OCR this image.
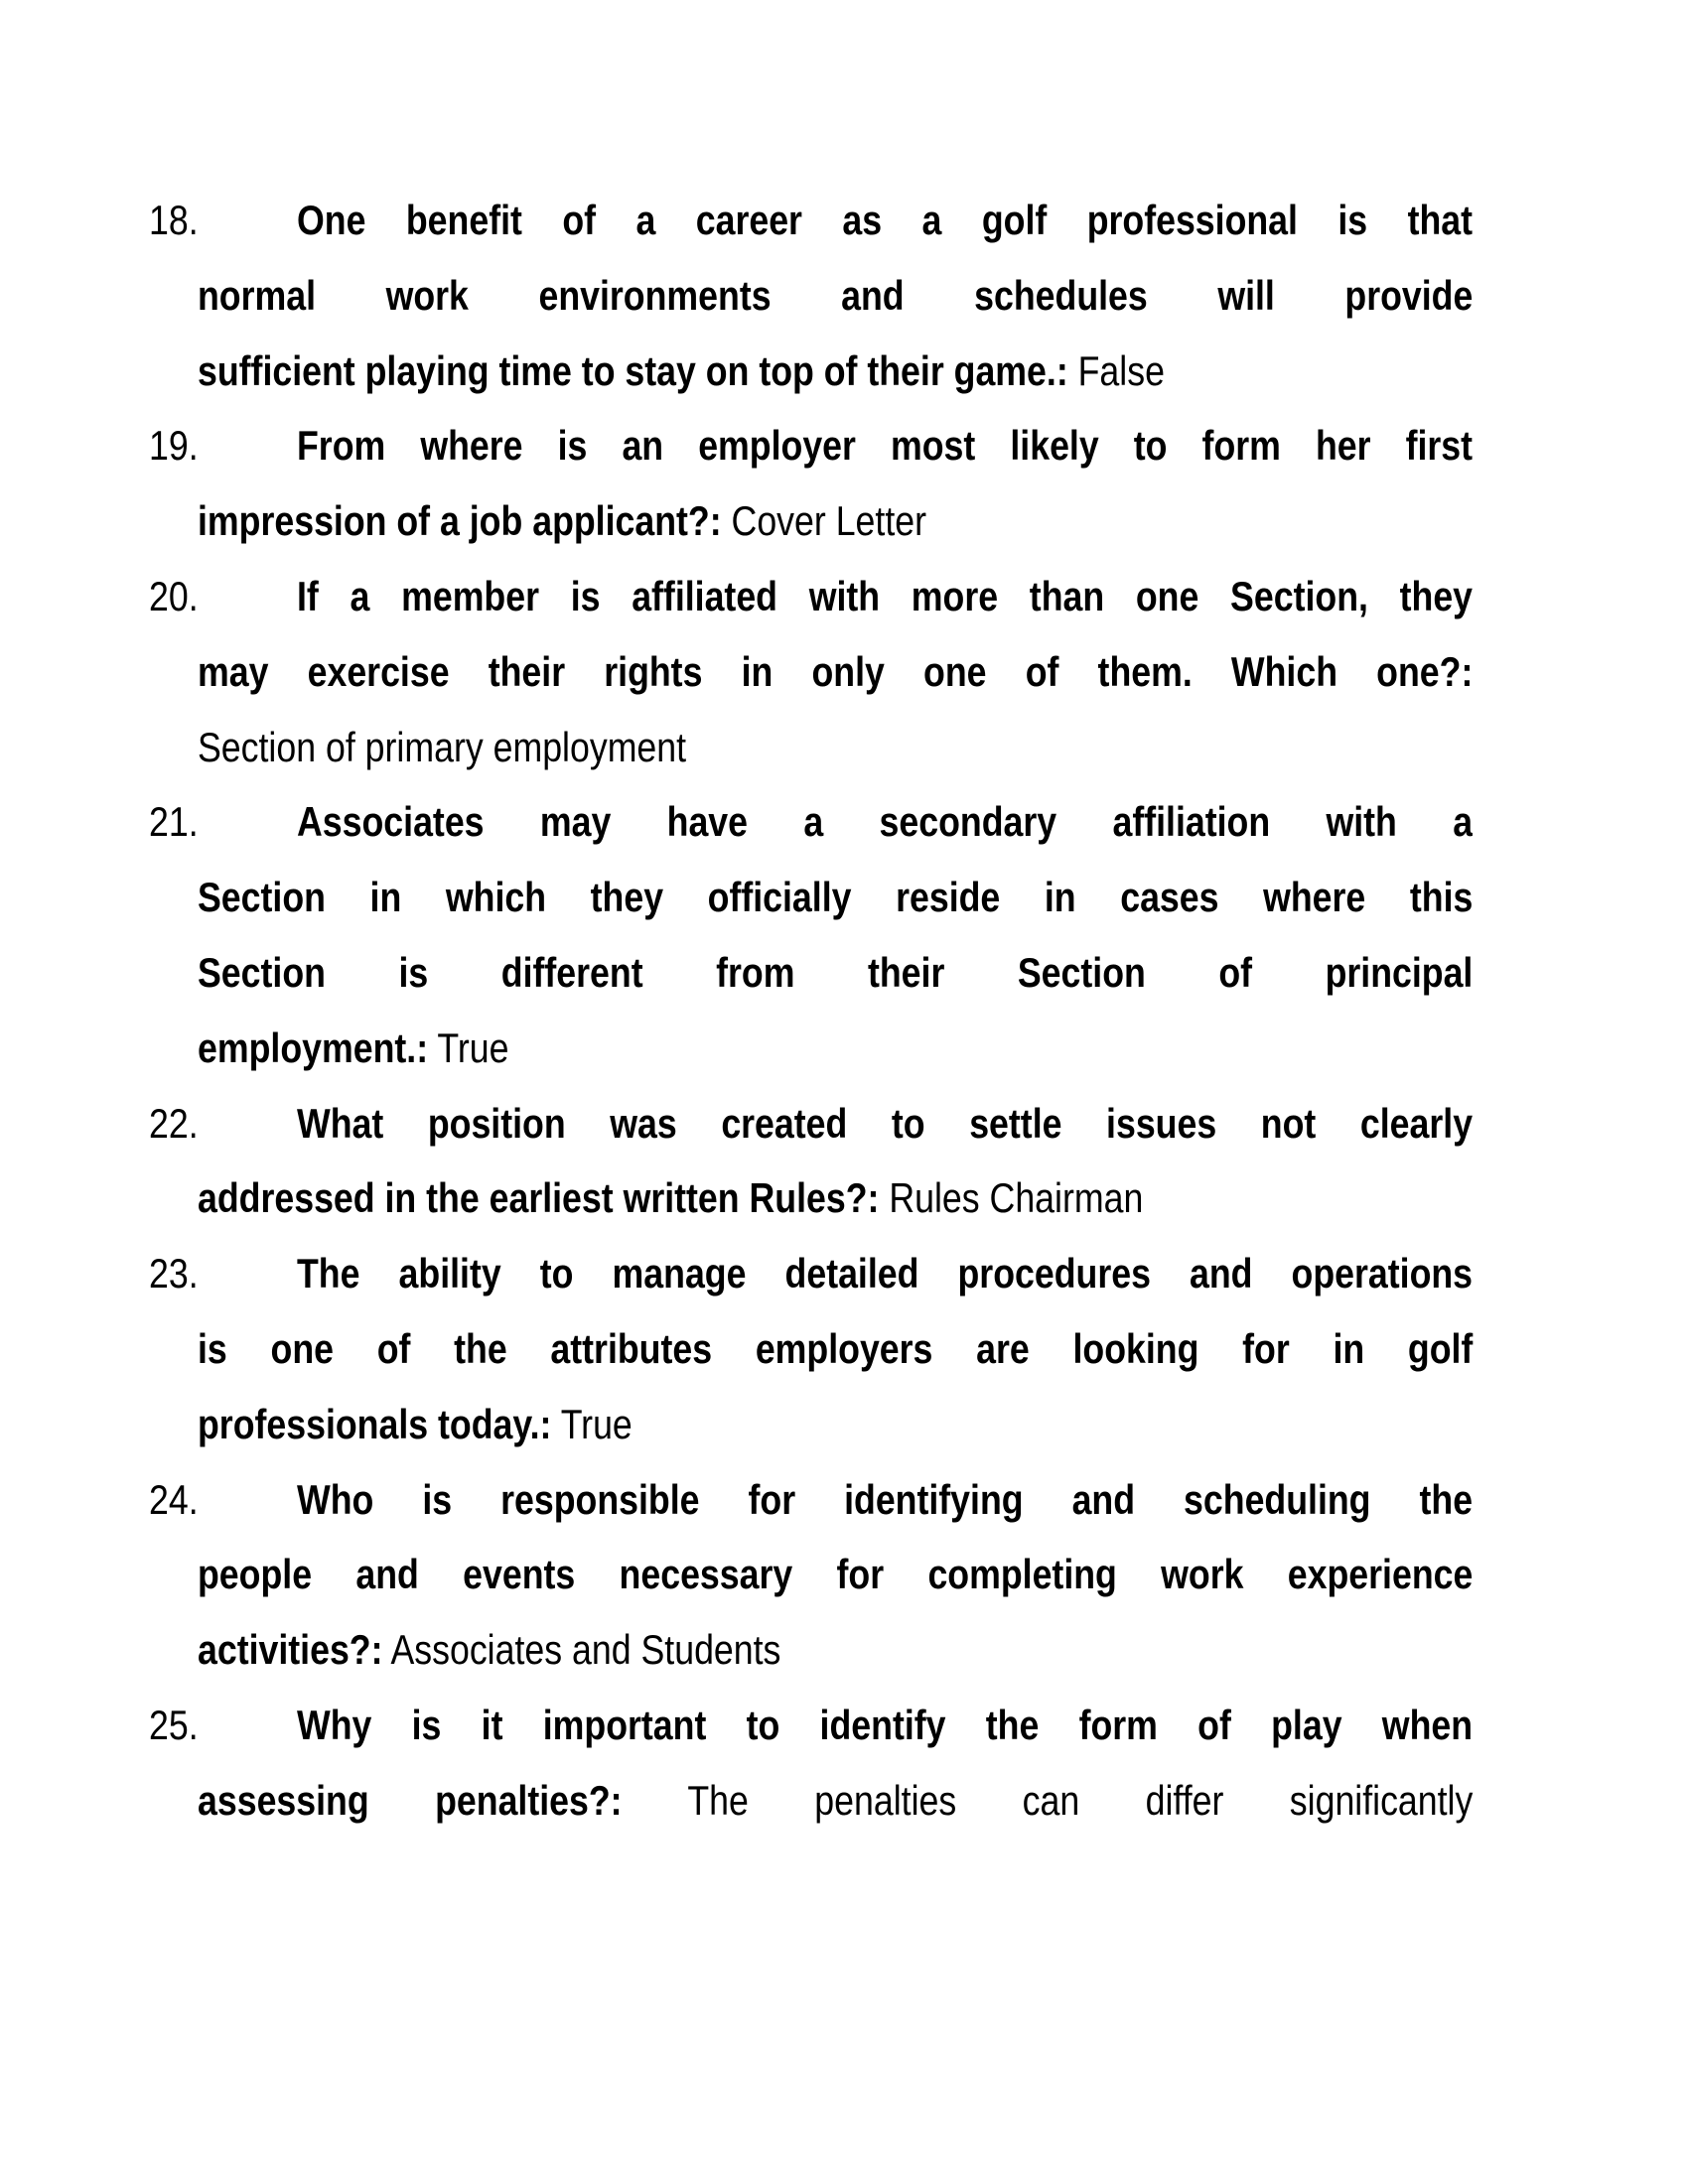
18. One benefit of a career as a golf professional is that
normal work environments and schedules will provide
sufficient playing time to stay on top of their game.: False
19. From where is an employer most likely to form her first
impression of a job applicant?: Cover Letter
20. If a member is affiliated with more than one Section, they
may exercise their rights in only one of them. Which one?:
Section of primary employment
21. Associates may have a secondary affiliation with a
Section in which they officially reside in cases where this
Section is different from their Section of principal
employment.: True
22. What position was created to settle issues not clearly
addressed in the earliest written Rules?: Rules Chairman
23. The ability to manage detailed procedures and operations
is one of the attributes employers are looking for in golf
professionals today.: True
24. Who is responsible for identifying and scheduling the
people and events necessary for completing work experience
activities?: Associates and Students
25. Why is it important to identify the form of play when
assessing penalties?: The penalties can differ significantly
